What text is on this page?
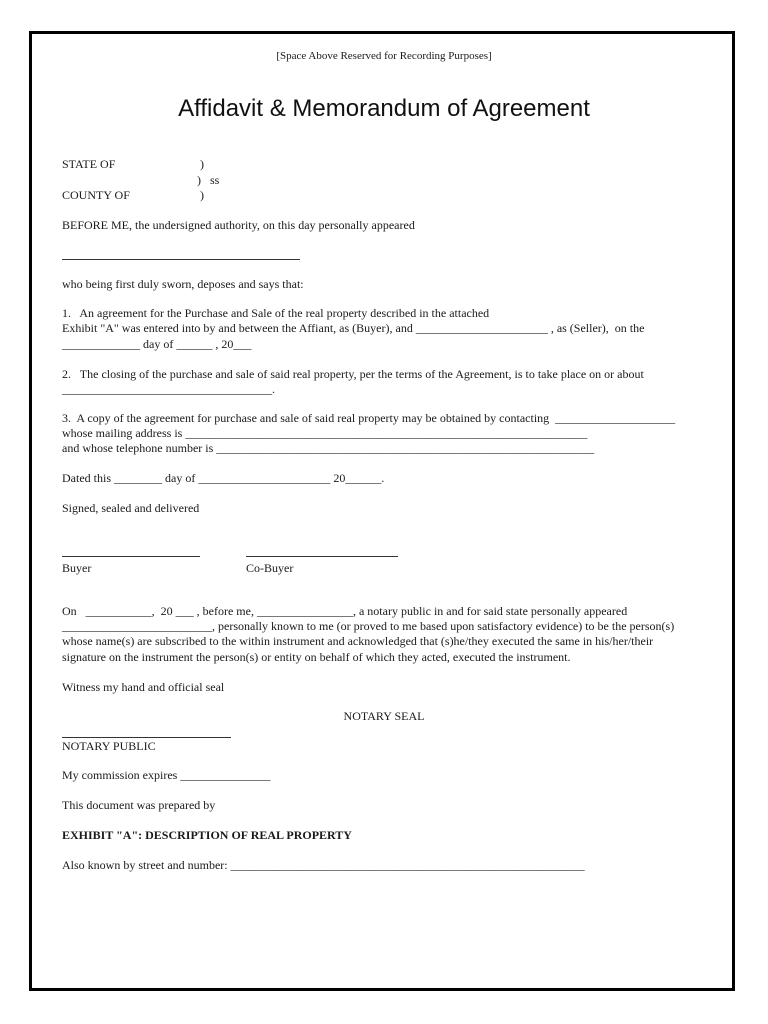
[Space Above Reserved for Recording Purposes]
Affidavit & Memorandum of Agreement
STATE OF	)
)   ss
COUNTY OF	)
BEFORE ME, the undersigned authority, on this day personally appeared
who being first duly sworn, deposes and says that:
1.   An agreement for the Purchase and Sale of the real property described in the attached
Exhibit "A" was entered into by and between the Affiant, as (Buyer), and ______________________ , as (Seller),  on the
_____________ day of ______ , 20___
2.   The closing of the purchase and sale of said real property, per the terms of the Agreement, is to take place on or about
___________________________________.
3.  A copy of the agreement for purchase and sale of said real property may be obtained by contacting  ____________________
whose mailing address is ___________________________________________________________________
and whose telephone number is _______________________________________________________________
Dated this ________ day of ______________________ 20______.
Signed, sealed and delivered
Buyer	Co-Buyer
On   ___________,  20 ___ , before me, ________________, a notary public in and for said state personally appeared
_________________________, personally known to me (or proved to me based upon satisfactory evidence) to be the person(s)
whose name(s) are subscribed to the within instrument and acknowledged that (s)he/they executed the same in his/her/their
signature on the instrument the person(s) or entity on behalf of which they acted, executed the instrument.
Witness my hand and official seal
NOTARY SEAL
NOTARY PUBLIC
My commission expires _______________
This document was prepared by
EXHIBIT "A": DESCRIPTION OF REAL PROPERTY
Also known by street and number: ___________________________________________________________
